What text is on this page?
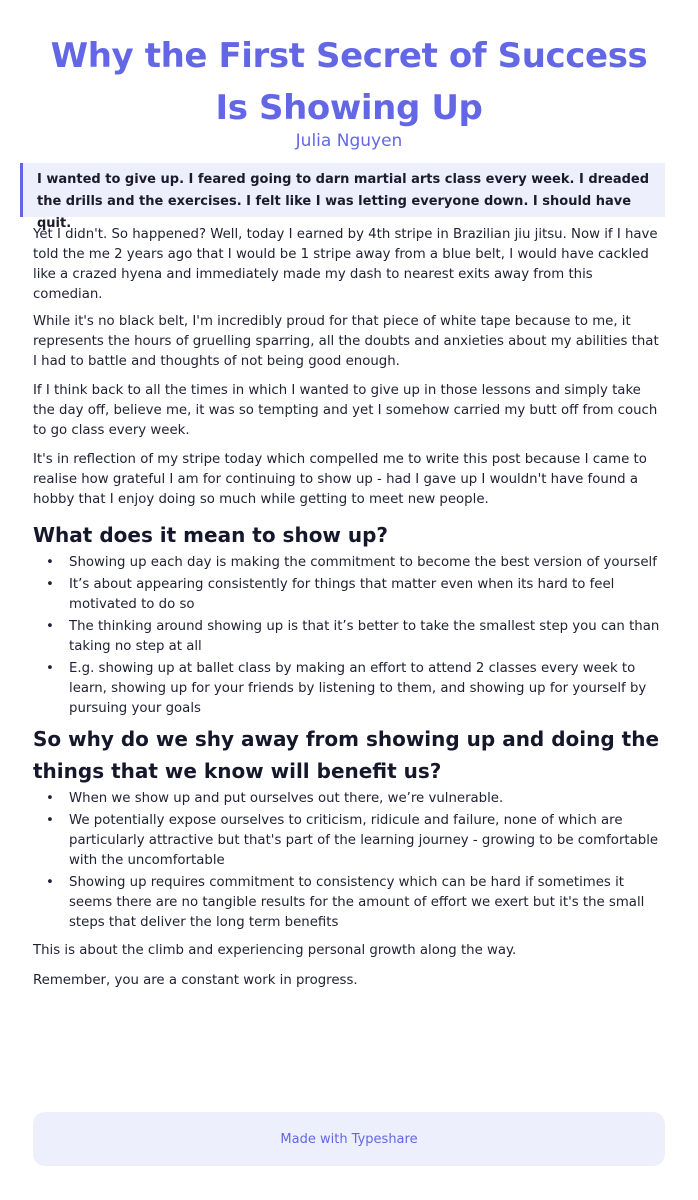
Why the First Secret of Success Is Showing Up
Julia Nguyen
I wanted to give up. I feared going to darn martial arts class every week. I dreaded the drills and the exercises. I felt like I was letting everyone down. I should have quit.

Yet I didn't. So happened? Well, today I earned by 4th stripe in Brazilian jiu jitsu. Now if I have told the me 2 years ago that I would be 1 stripe away from a blue belt, I would have cackled like a crazed hyena and immediately made my dash to nearest exits away from this comedian.

While it's no black belt, I'm incredibly proud for that piece of white tape because to me, it represents the hours of gruelling sparring, all the doubts and anxieties about my abilities that I had to battle and thoughts of not being good enough.

If I think back to all the times in which I wanted to give up in those lessons and simply take the day off, believe me, it was so tempting and yet I somehow carried my butt off from couch to go class every week.

It's in reflection of my stripe today which compelled me to write this post because I came to realise how grateful I am for continuing to show up - had I gave up I wouldn't have found a hobby that I enjoy doing so much while getting to meet new people.

What does it mean to show up?
• Showing up each day is making the commitment to become the best version of yourself
• It’s about appearing consistently for things that matter even when its hard to feel motivated to do so
• The thinking around showing up is that it’s better to take the smallest step you can than taking no step at all
• E.g. showing up at ballet class by making an effort to attend 2 classes every week to learn, showing up for your friends by listening to them, and showing up for yourself by pursuing your goals
So why do we shy away from showing up and doing the things that we know will benefit us?
• When we show up and put ourselves out there, we’re vulnerable.
• We potentially expose ourselves to criticism, ridicule and failure, none of which are particularly attractive but that's part of the learning journey - growing to be comfortable with the uncomfortable
• Showing up requires commitment to consistency which can be hard if sometimes it seems there are no tangible results for the amount of effort we exert but it's the small steps that deliver the long term benefits

This is about the climb and experiencing personal growth along the way.

Remember, you are a constant work in progress.

Made with Typeshare
